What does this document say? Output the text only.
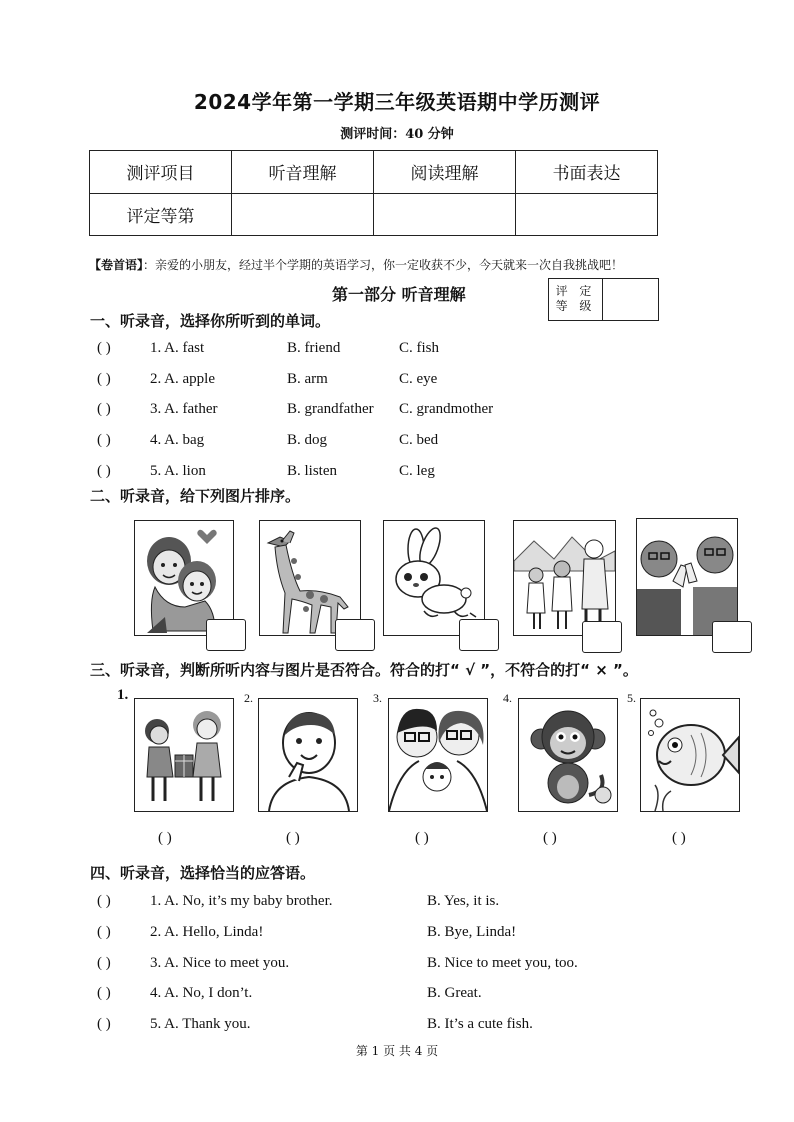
2024学年第一学期三年级英语期中学历测评
测评时间：40 分钟
测评项目	听音理解	阅读理解	书面表达
评定等第			
【卷首语】：亲爱的小朋友，经过半个学期的英语学习，你一定收获不少，今天就来一次自我挑战吧！
第一部分 听音理解	评 定 等 级
一、听录音，选择你所听到的单词。
( )	1. A. fast	B. friend	C. fish
( )	2. A. apple	B. arm	C. eye
( )	3. A. father	B. grandfather C. grandmother
( )	4. A. bag	B. dog	C. bed
( )	5. A. lion	B. listen	C. leg
二、听录音，给下列图片排序。
三、听录音，判断所听内容与图片是否符合。符合的打“ √ ”，不符合的打“ × ”。
1.	2.	3.	4.	5.
( )	( )	( )	( )	( )
四、听录音，选择恰当的应答语。
( )	1. A. No, it’s my baby brother.	B. Yes, it is.
( )	2. A. Hello, Linda!	B. Bye, Linda!
( )	3. A. Nice to meet you.	B. Nice to meet you, too.
( )	4. A. No, I don’t.	B. Great.
( )	5. A. Thank you.	B. It’s a cute fish.
第 1 页 共 4 页
